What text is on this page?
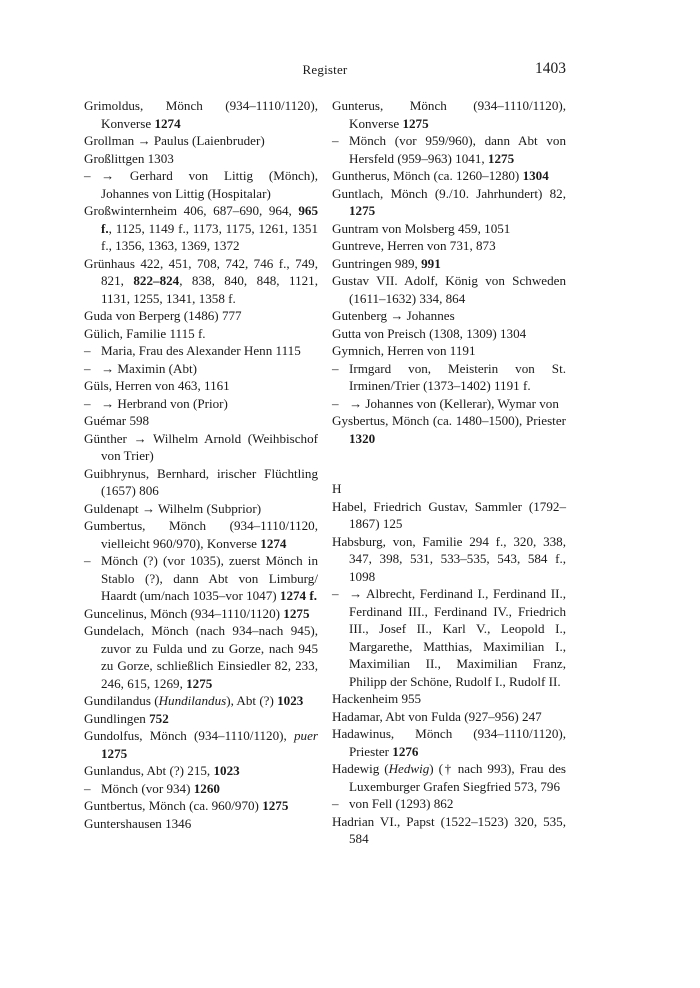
Register	1403

Grimoldus, Mönch (934–1110/1120), Konverse 1274

Grollman → Paulus (Laienbruder)

Großlittgen 1303

– → Gerhard von Littig (Mönch), Johannes von Littig (Hospitalar)

Großwinternheim 406, 687–690, 964, 965 f., 1125, 1149 f., 1173, 1175, 1261, 1351 f., 1356, 1363, 1369, 1372

Grünhaus 422, 451, 708, 742, 746 f., 749, 821, 822–824, 838, 840, 848, 1121, 1131, 1255, 1341, 1358 f.

Guda von Berperg (1486) 777

Gülich, Familie 1115 f.

– Maria, Frau des Alexander Henn 1115

– → Maximin (Abt)

Güls, Herren von 463, 1161

– → Herbrand von (Prior)

Guémar 598

Günther → Wilhelm Arnold (Weihbischof von Trier)

Guibhrynus, Bernhard, irischer Flüchtling (1657) 806

Guldenapt → Wilhelm (Subprior)

Gumbertus, Mönch (934–1110/1120, vielleicht 960/970), Konverse 1274

– Mönch (?) (vor 1035), zuerst Mönch in Stablo (?), dann Abt von Limburg/ Haardt (um/nach 1035–vor 1047) 1274 f.

Guncelinus, Mönch (934–1110/1120) 1275

Gundelach, Mönch (nach 934–nach 945), zuvor zu Fulda und zu Gorze, nach 945 zu Gorze, schließlich Einsiedler 82, 233, 246, 615, 1269, 1275

Gundilandus (Hundilandus), Abt (?) 1023

Gundlingen 752

Gundolfus, Mönch (934–1110/1120), puer 1275

Gunlandus, Abt (?) 215, 1023

– Mönch (vor 934) 1260

Guntbertus, Mönch (ca. 960/970) 1275

Guntershausen 1346

Gunterus, Mönch (934–1110/1120), Konverse 1275

– Mönch (vor 959/960), dann Abt von Hersfeld (959–963) 1041, 1275

Guntherus, Mönch (ca. 1260–1280) 1304

Guntlach, Mönch (9./10. Jahrhundert) 82, 1275

Guntram von Molsberg 459, 1051

Guntreve, Herren von 731, 873

Guntringen 989, 991

Gustav VII. Adolf, König von Schweden (1611–1632) 334, 864

Gutenberg → Johannes

Gutta von Preisch (1308, 1309) 1304

Gymnich, Herren von 1191

– Irmgard von, Meisterin von St. Irminen/Trier (1373–1402) 1191 f.

– → Johannes von (Kellerar), Wymar von

Gysbertus, Mönch (ca. 1480–1500), Priester 1320

H

Habel, Friedrich Gustav, Sammler (1792–1867) 125

Habsburg, von, Familie 294 f., 320, 338, 347, 398, 531, 533–535, 543, 584 f., 1098

– → Albrecht, Ferdinand I., Ferdinand II., Ferdinand III., Ferdinand IV., Friedrich III., Josef II., Karl V., Leopold I., Margarethe, Matthias, Maximilian I., Maximilian II., Maximilian Franz, Philipp der Schöne, Rudolf I., Rudolf II.

Hackenheim 955

Hadamar, Abt von Fulda (927–956) 247

Hadawinus, Mönch (934–1110/1120), Priester 1276

Hadewig (Hedwig) († nach 993), Frau des Luxemburger Grafen Siegfried 573, 796

– von Fell (1293) 862

Hadrian VI., Papst (1522–1523) 320, 535, 584
